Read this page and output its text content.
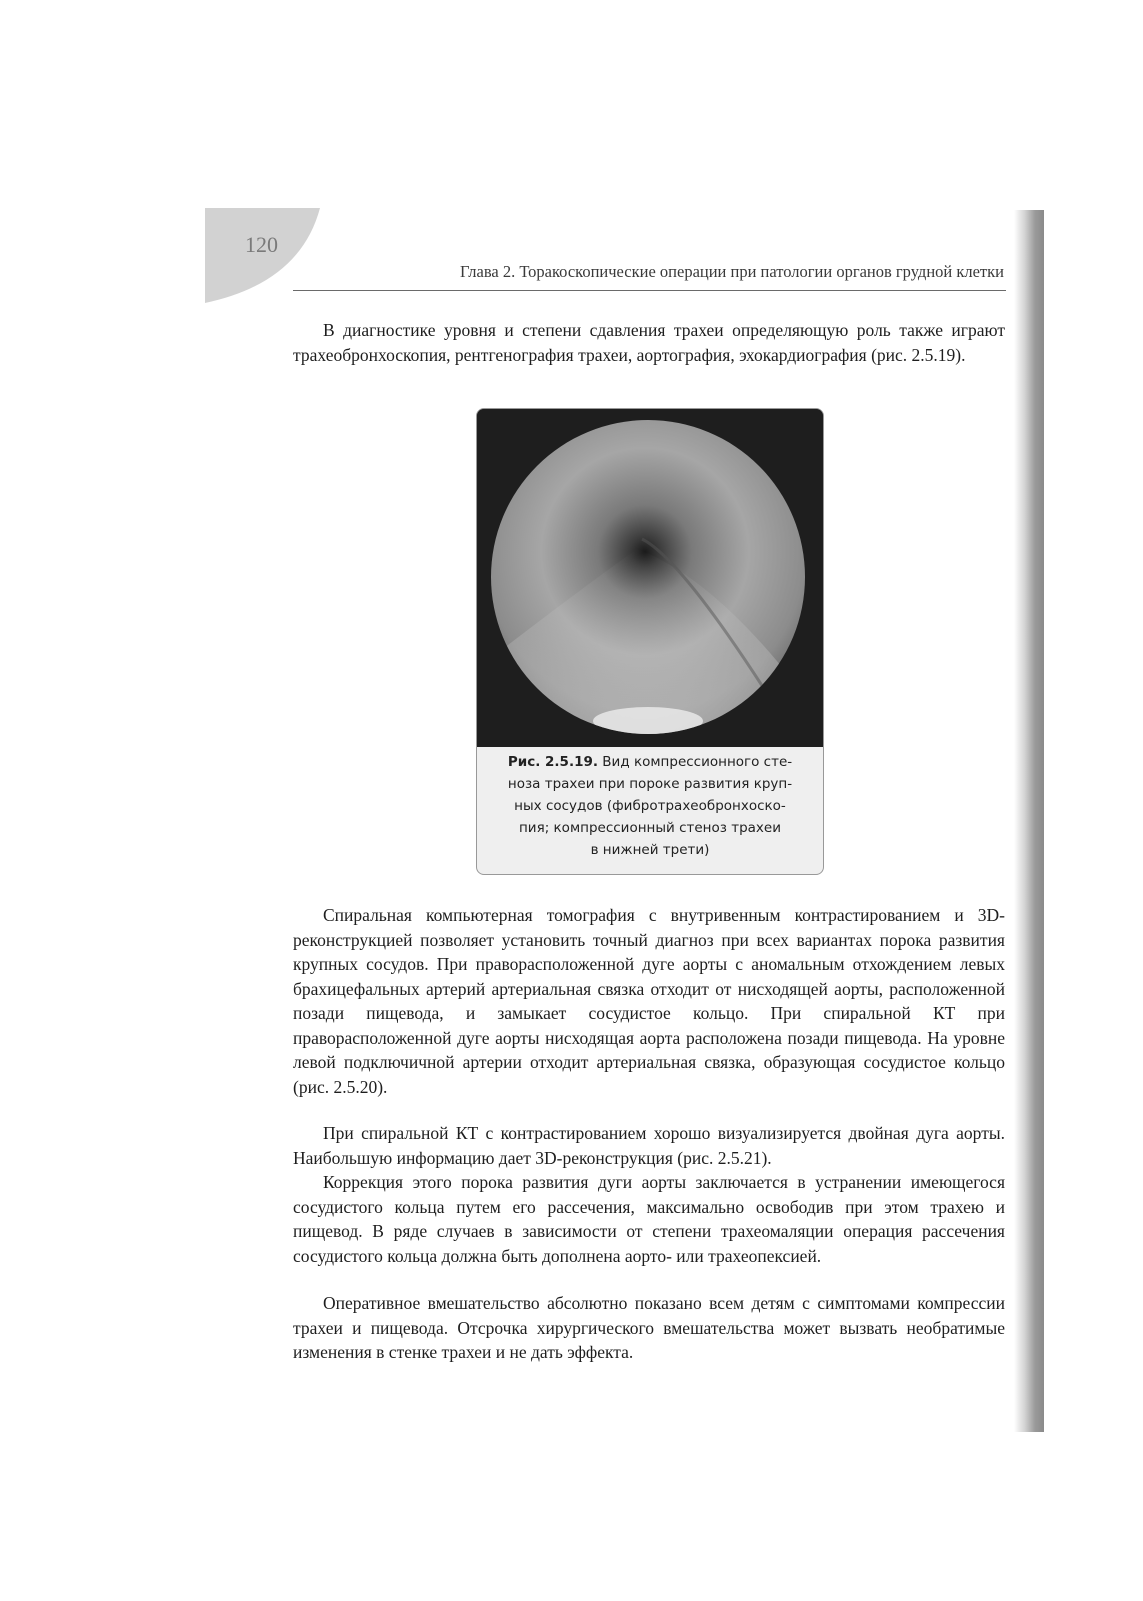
120
Глава 2. Торакоскопические операции при патологии органов грудной клетки

В диагностике уровня и степени сдавления трахеи определяющую роль также играют трахеобронхоскопия, рентгенография трахеи, аортография, эхокардиография (рис. 2.5.19).

Рис. 2.5.19. Вид компрессионного сте-
ноза трахеи при пороке развития круп-
ных сосудов (фибротрахеобронхоско-
пия; компрессионный стеноз трахеи
в нижней трети)

Спиральная компьютерная томография с внутривенным контрастированием и 3D-реконструкцией позволяет установить точный диагноз при всех вариантах порока развития крупных сосудов. При праворасположенной дуге аорты с аномальным отхождением левых брахицефальных артерий артериальная связка отходит от нисходящей аорты, расположенной позади пищевода, и замыкает сосудистое кольцо. При спиральной КТ при праворасположенной дуге аорты нисходящая аорта расположена позади пищевода. На уровне левой подключичной артерии отходит артериальная связка, образующая сосудистое кольцо (рис. 2.5.20).

При спиральной КТ с контрастированием хорошо визуализируется двойная дуга аорты. Наибольшую информацию дает 3D-реконструкция (рис. 2.5.21).

Коррекция этого порока развития дуги аорты заключается в устранении имеющегося сосудистого кольца путем его рассечения, максимально освободив при этом трахею и пищевод. В ряде случаев в зависимости от степени трахеомаляции операция рассечения сосудистого кольца должна быть дополнена аорто- или трахеопексией.

Оперативное вмешательство абсолютно показано всем детям с симптомами компрессии трахеи и пищевода. Отсрочка хирургического вмешательства может вызвать необратимые изменения в стенке трахеи и не дать эффекта.
